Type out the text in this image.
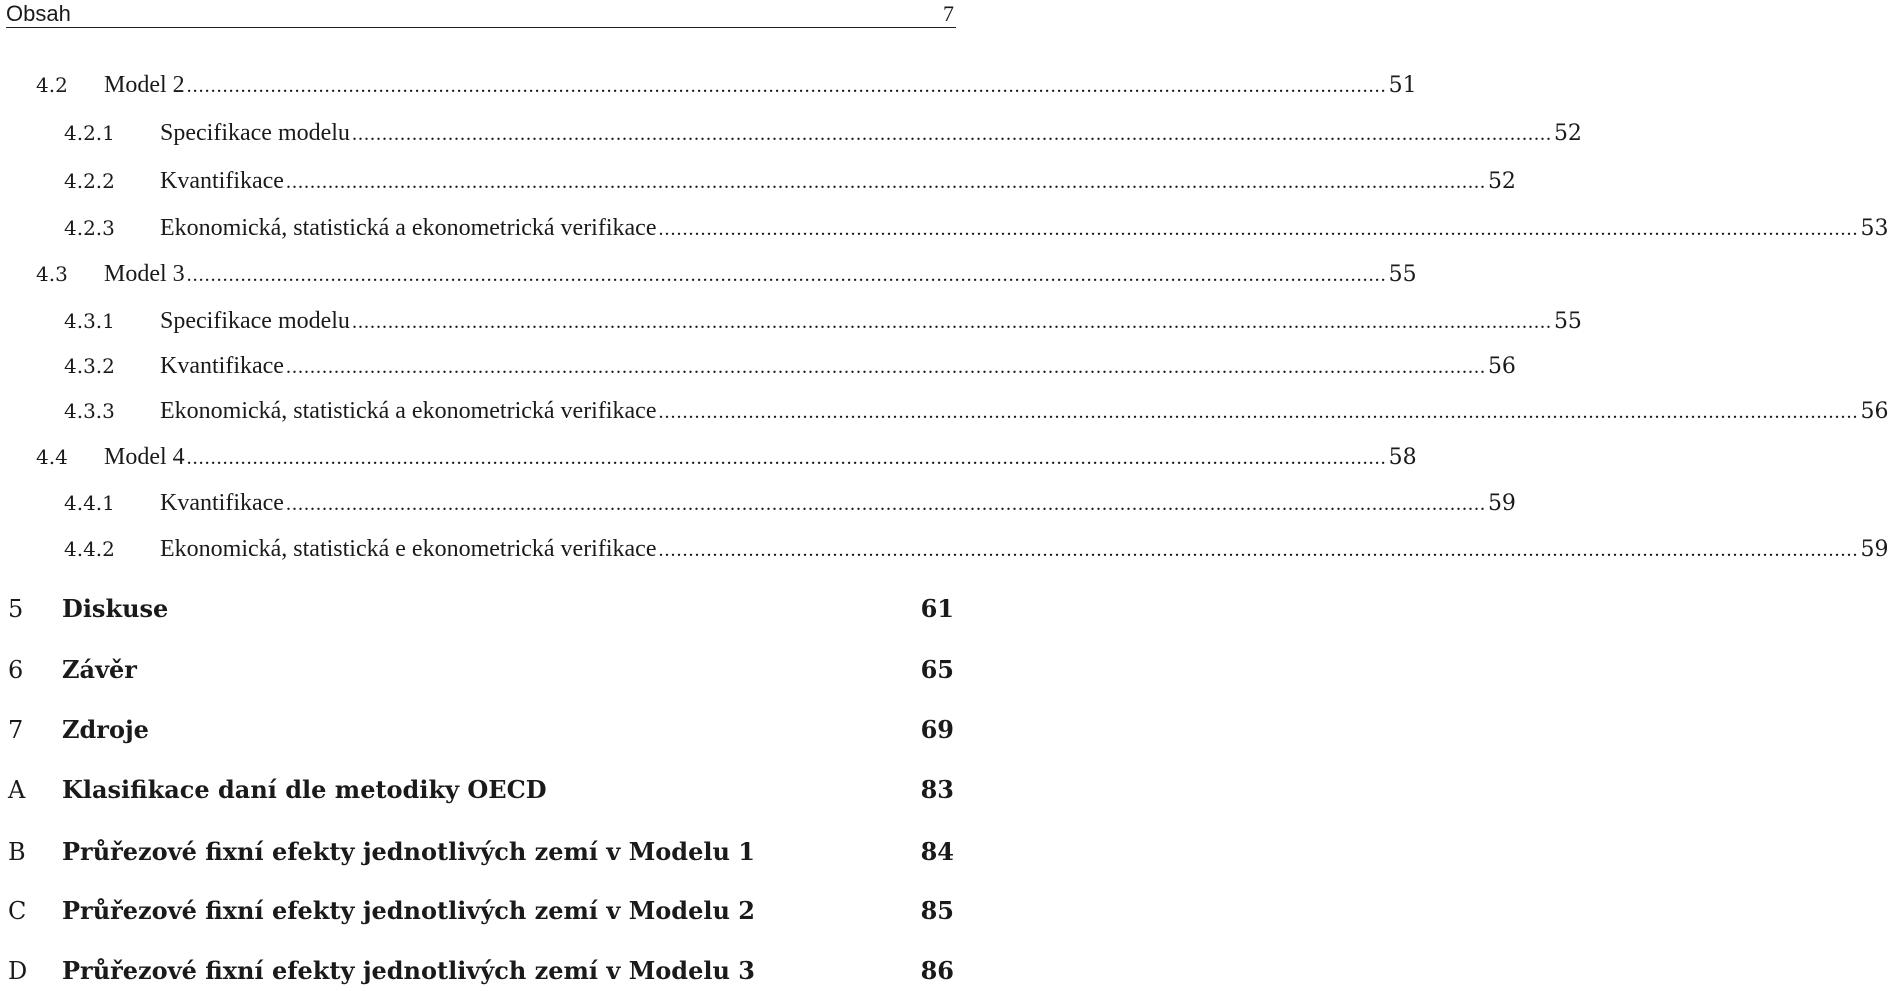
Obsah	7
4.2	Model 2 ........................................................................................................................................................................................................ 51
4.2.1	Specifikace modelu ........................................................................................................................................................................................................ 52
4.2.2	Kvantifikace ........................................................................................................................................................................................................ 52
4.2.3	Ekonomická, statistická a ekonometrická verifikace ........................................................................................................................................................................................................ 53
4.3	Model 3 ........................................................................................................................................................................................................ 55
4.3.1	Specifikace modelu ........................................................................................................................................................................................................ 55
4.3.2	Kvantifikace ........................................................................................................................................................................................................ 56
4.3.3	Ekonomická, statistická a ekonometrická verifikace ........................................................................................................................................................................................................ 56
4.4	Model 4 ........................................................................................................................................................................................................ 58
4.4.1	Kvantifikace ........................................................................................................................................................................................................ 59
4.4.2	Ekonomická, statistická e ekonometrická verifikace ........................................................................................................................................................................................................ 59
5	Diskuse	61
6	Závěr	65
7	Zdroje	69
A	Klasifikace daní dle metodiky OECD	83
B	Průřezové fixní efekty jednotlivých zemí v Modelu 1	84
C	Průřezové fixní efekty jednotlivých zemí v Modelu 2	85
D	Průřezové fixní efekty jednotlivých zemí v Modelu 3	86
